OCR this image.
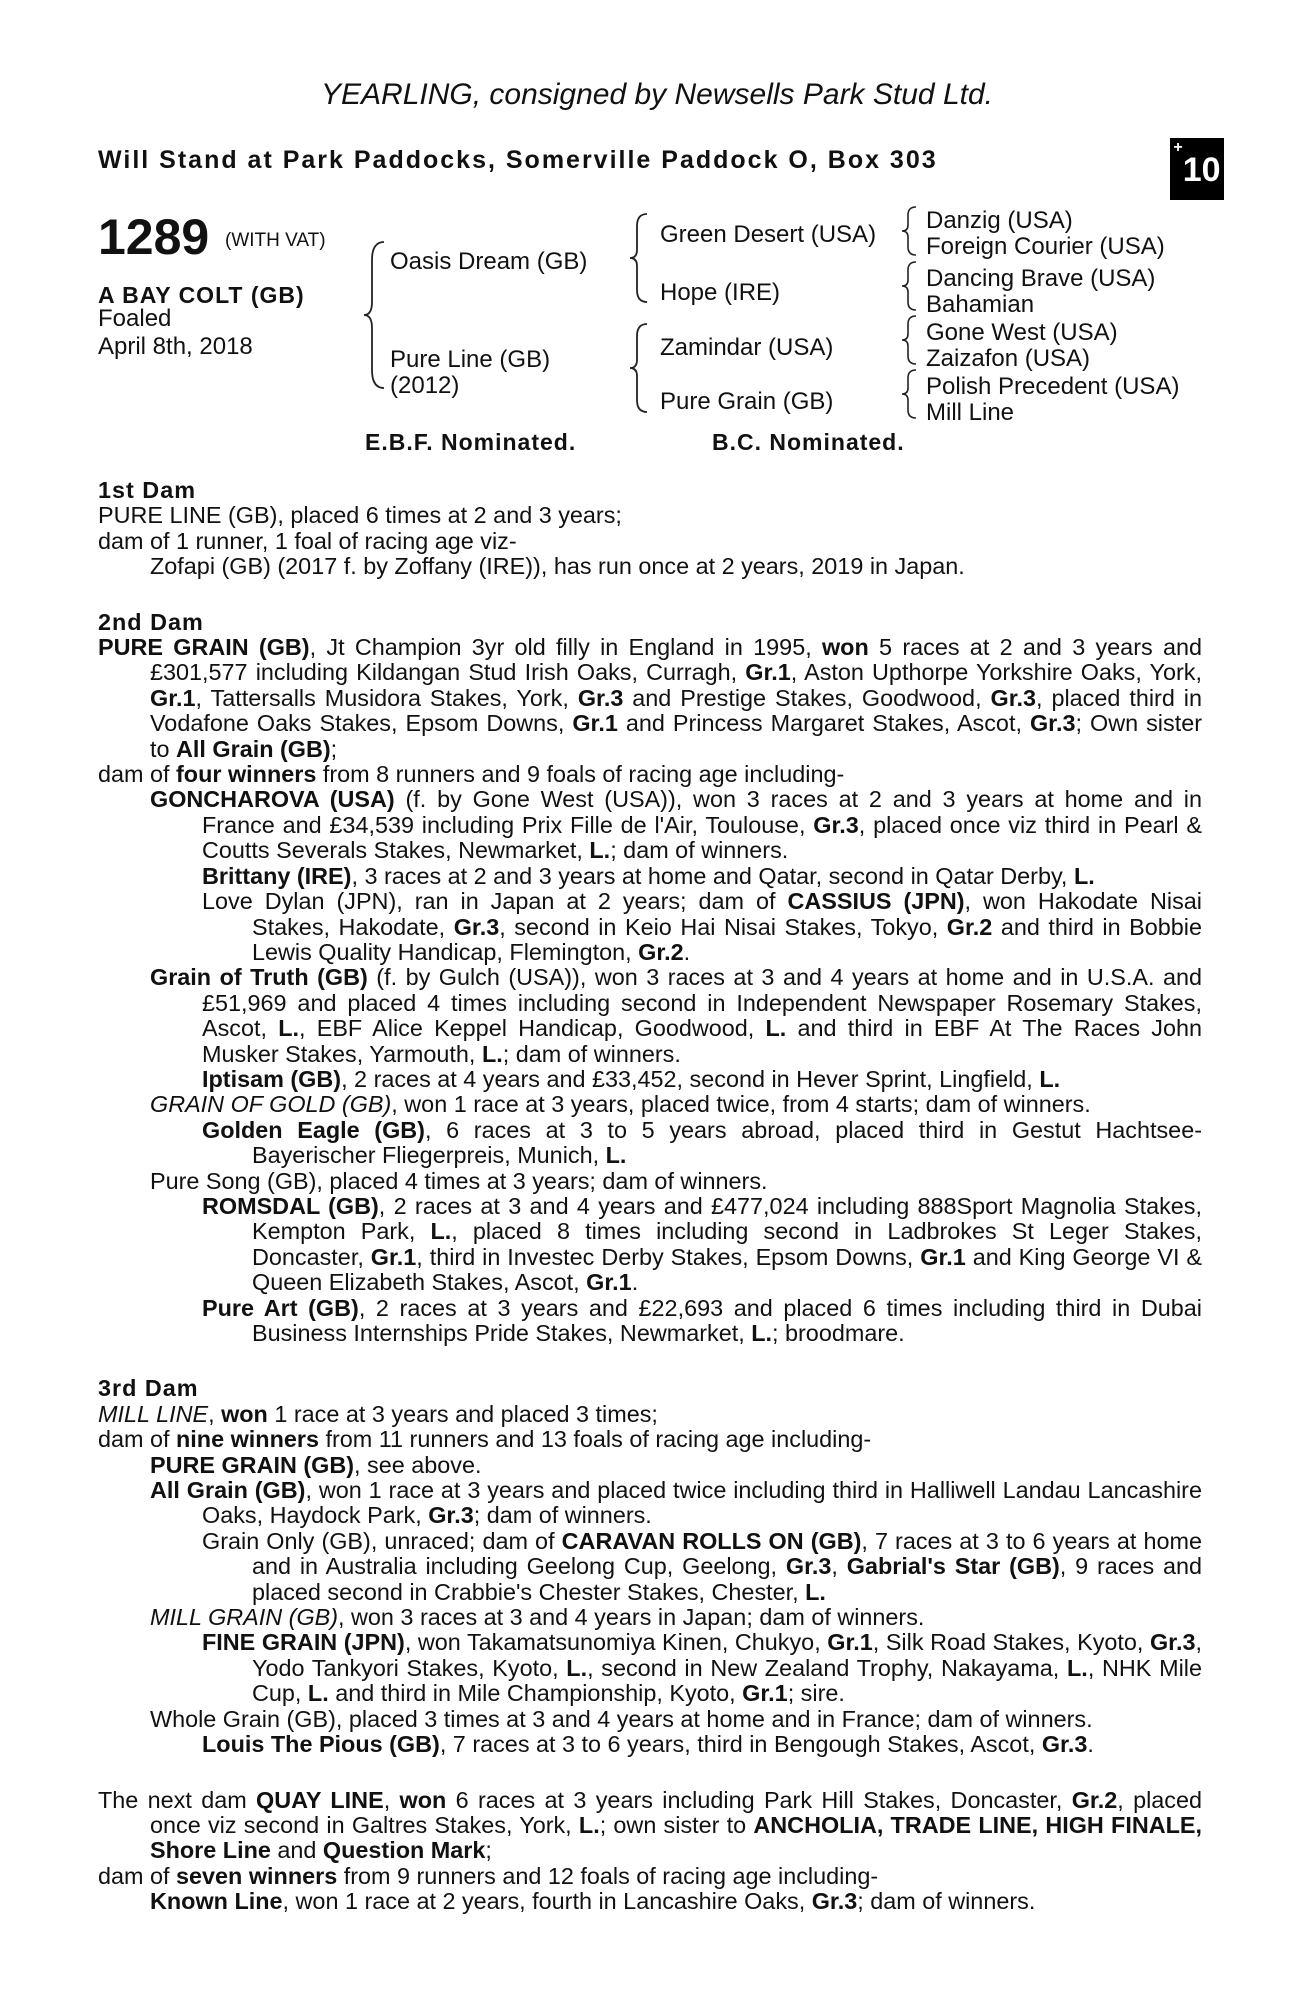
YEARLING, consigned by Newsells Park Stud Ltd.
Will Stand at Park Paddocks, Somerville Paddock O, Box 303	+10
1289 (WITH VAT)
A BAY COLT (GB)
Foaled
April 8th, 2018
Oasis Dream (GB)
Pure Line (GB)
(2012)
Green Desert (USA)
Hope (IRE)
Zamindar (USA)
Pure Grain (GB)
Danzig (USA)
Foreign Courier (USA)
Dancing Brave (USA)
Bahamian
Gone West (USA)
Zaizafon (USA)
Polish Precedent (USA)
Mill Line
E.B.F. Nominated.	B.C. Nominated.

1st Dam

PURE LINE (GB), placed 6 times at 2 and 3 years;

dam of 1 runner, 1 foal of racing age viz-

Zofapi (GB) (2017 f. by Zoffany (IRE)), has run once at 2 years, 2019 in Japan.

2nd Dam

PURE GRAIN (GB), Jt Champion 3yr old filly in England in 1995, won 5 races at 2 and 3 years and £301,577 including Kildangan Stud Irish Oaks, Curragh, Gr.1, Aston Upthorpe Yorkshire Oaks, York, Gr.1, Tattersalls Musidora Stakes, York, Gr.3 and Prestige Stakes, Goodwood, Gr.3, placed third in Vodafone Oaks Stakes, Epsom Downs, Gr.1 and Princess Margaret Stakes, Ascot, Gr.3; Own sister to All Grain (GB);

dam of four winners from 8 runners and 9 foals of racing age including-

GONCHAROVA (USA) (f. by Gone West (USA)), won 3 races at 2 and 3 years at home and in France and £34,539 including Prix Fille de l'Air, Toulouse, Gr.3, placed once viz third in Pearl & Coutts Severals Stakes, Newmarket, L.; dam of winners.

Brittany (IRE), 3 races at 2 and 3 years at home and Qatar, second in Qatar Derby, L.

Love Dylan (JPN), ran in Japan at 2 years; dam of CASSIUS (JPN), won Hakodate Nisai Stakes, Hakodate, Gr.3, second in Keio Hai Nisai Stakes, Tokyo, Gr.2 and third in Bobbie Lewis Quality Handicap, Flemington, Gr.2.

Grain of Truth (GB) (f. by Gulch (USA)), won 3 races at 3 and 4 years at home and in U.S.A. and £51,969 and placed 4 times including second in Independent Newspaper Rosemary Stakes, Ascot, L., EBF Alice Keppel Handicap, Goodwood, L. and third in EBF At The Races John Musker Stakes, Yarmouth, L.; dam of winners.

Iptisam (GB), 2 races at 4 years and £33,452, second in Hever Sprint, Lingfield, L.

GRAIN OF GOLD (GB), won 1 race at 3 years, placed twice, from 4 starts; dam of winners.

Golden Eagle (GB), 6 races at 3 to 5 years abroad, placed third in Gestut Hachtsee-Bayerischer Fliegerpreis, Munich, L.

Pure Song (GB), placed 4 times at 3 years; dam of winners.

ROMSDAL (GB), 2 races at 3 and 4 years and £477,024 including 888Sport Magnolia Stakes, Kempton Park, L., placed 8 times including second in Ladbrokes St Leger Stakes, Doncaster, Gr.1, third in Investec Derby Stakes, Epsom Downs, Gr.1 and King George VI & Queen Elizabeth Stakes, Ascot, Gr.1.

Pure Art (GB), 2 races at 3 years and £22,693 and placed 6 times including third in Dubai Business Internships Pride Stakes, Newmarket, L.; broodmare.

3rd Dam

MILL LINE, won 1 race at 3 years and placed 3 times;

dam of nine winners from 11 runners and 13 foals of racing age including-

PURE GRAIN (GB), see above.

All Grain (GB), won 1 race at 3 years and placed twice including third in Halliwell Landau Lancashire Oaks, Haydock Park, Gr.3; dam of winners.

Grain Only (GB), unraced; dam of CARAVAN ROLLS ON (GB), 7 races at 3 to 6 years at home and in Australia including Geelong Cup, Geelong, Gr.3, Gabrial's Star (GB), 9 races and placed second in Crabbie's Chester Stakes, Chester, L.

MILL GRAIN (GB), won 3 races at 3 and 4 years in Japan; dam of winners.

FINE GRAIN (JPN), won Takamatsunomiya Kinen, Chukyo, Gr.1, Silk Road Stakes, Kyoto, Gr.3, Yodo Tankyori Stakes, Kyoto, L., second in New Zealand Trophy, Nakayama, L., NHK Mile Cup, L. and third in Mile Championship, Kyoto, Gr.1; sire.

Whole Grain (GB), placed 3 times at 3 and 4 years at home and in France; dam of winners.

Louis The Pious (GB), 7 races at 3 to 6 years, third in Bengough Stakes, Ascot, Gr.3.

The next dam QUAY LINE, won 6 races at 3 years including Park Hill Stakes, Doncaster, Gr.2, placed once viz second in Galtres Stakes, York, L.; own sister to ANCHOLIA, TRADE LINE, HIGH FINALE, Shore Line and Question Mark;

dam of seven winners from 9 runners and 12 foals of racing age including-

Known Line, won 1 race at 2 years, fourth in Lancashire Oaks, Gr.3; dam of winners.
